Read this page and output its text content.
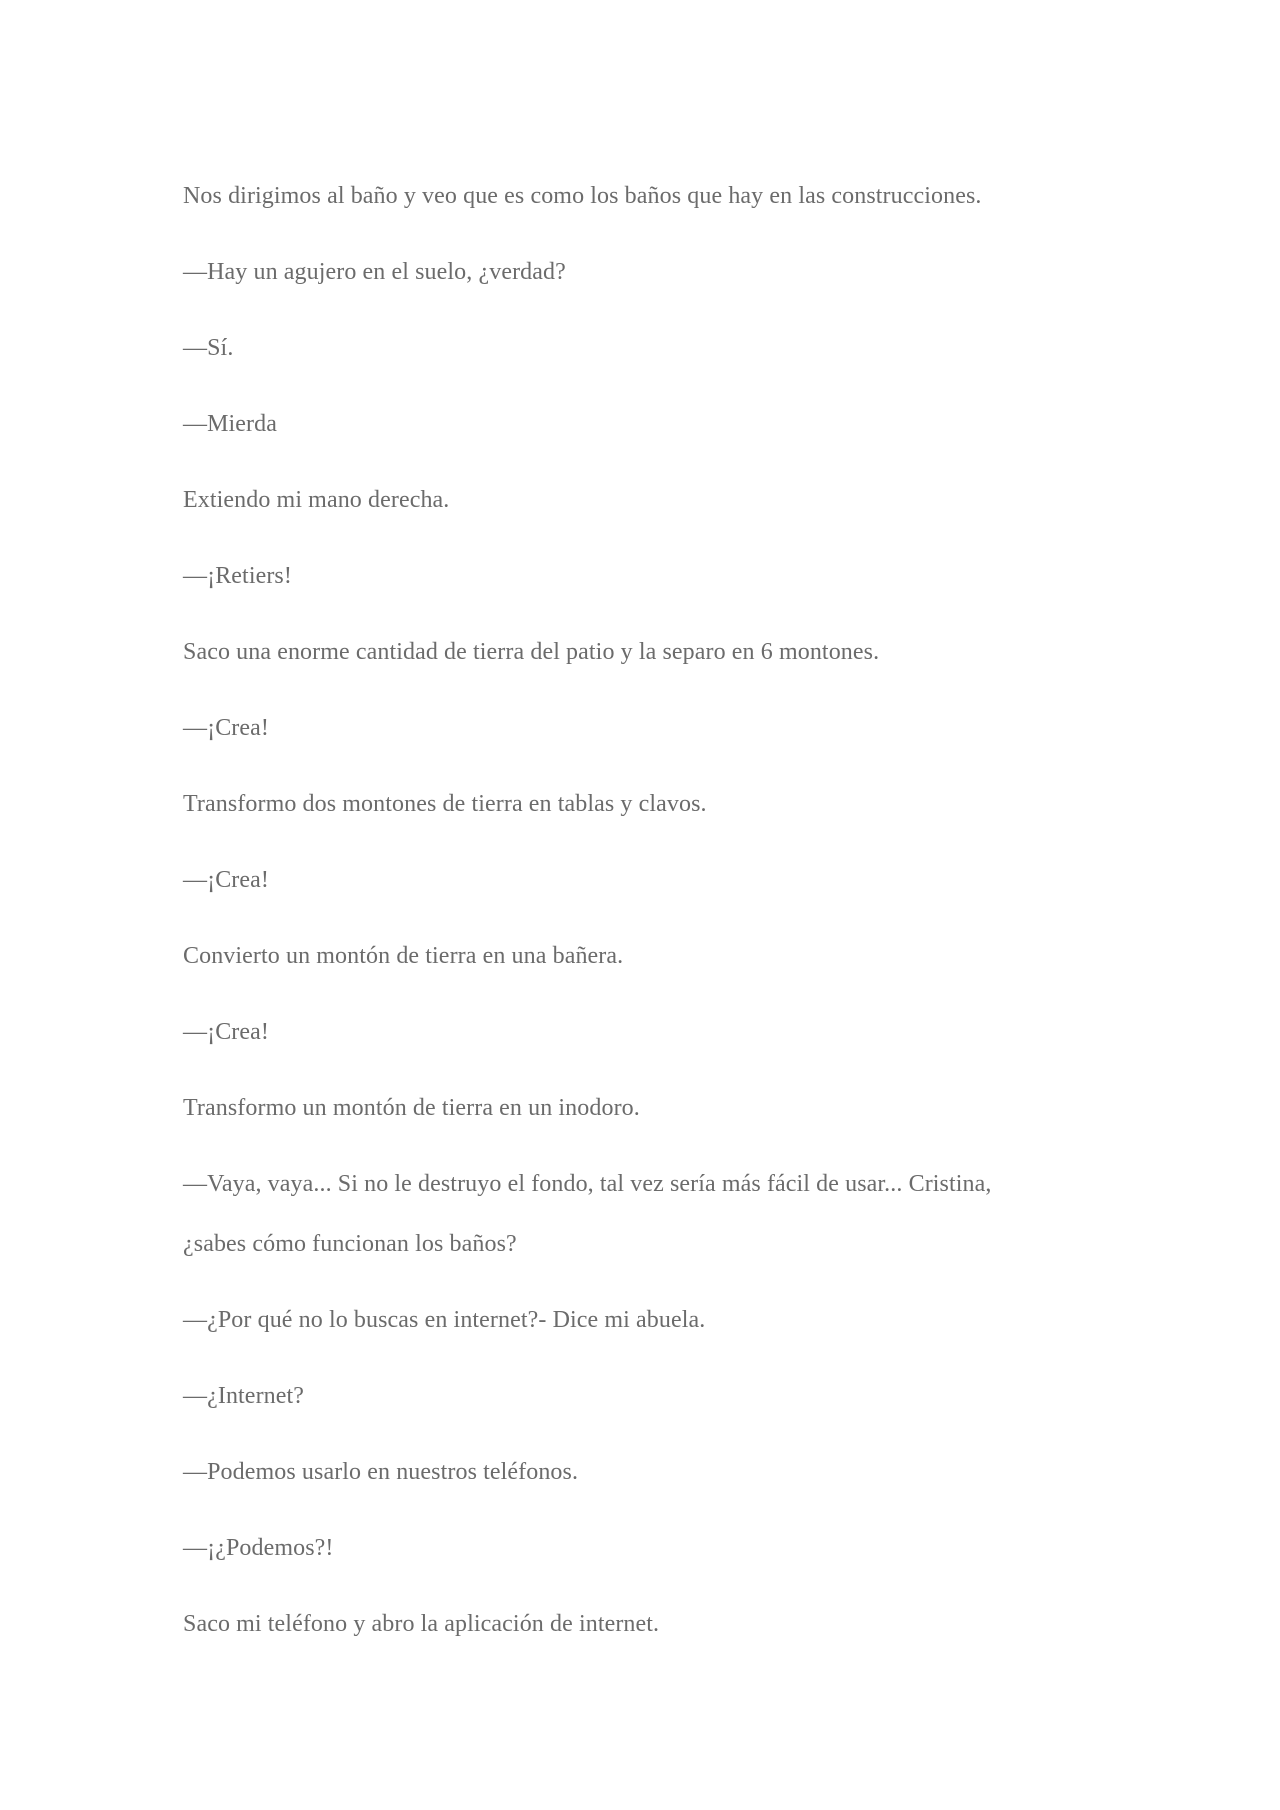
Nos dirigimos al baño y veo que es como los baños que hay en las construcciones.

—Hay un agujero en el suelo, ¿verdad?

—Sí.

—Mierda

Extiendo mi mano derecha.

—¡Retiers!

Saco una enorme cantidad de tierra del patio y la separo en 6 montones.

—¡Crea!

Transformo dos montones de tierra en tablas y clavos.

—¡Crea!

Convierto un montón de tierra en una bañera.

—¡Crea!

Transformo un montón de tierra en un inodoro.

—Vaya, vaya... Si no le destruyo el fondo, tal vez sería más fácil de usar... Cristina,

¿sabes cómo funcionan los baños?

—¿Por qué no lo buscas en internet?- Dice mi abuela.

—¿Internet?

—Podemos usarlo en nuestros teléfonos.

—¡¿Podemos?!

Saco mi teléfono y abro la aplicación de internet.
